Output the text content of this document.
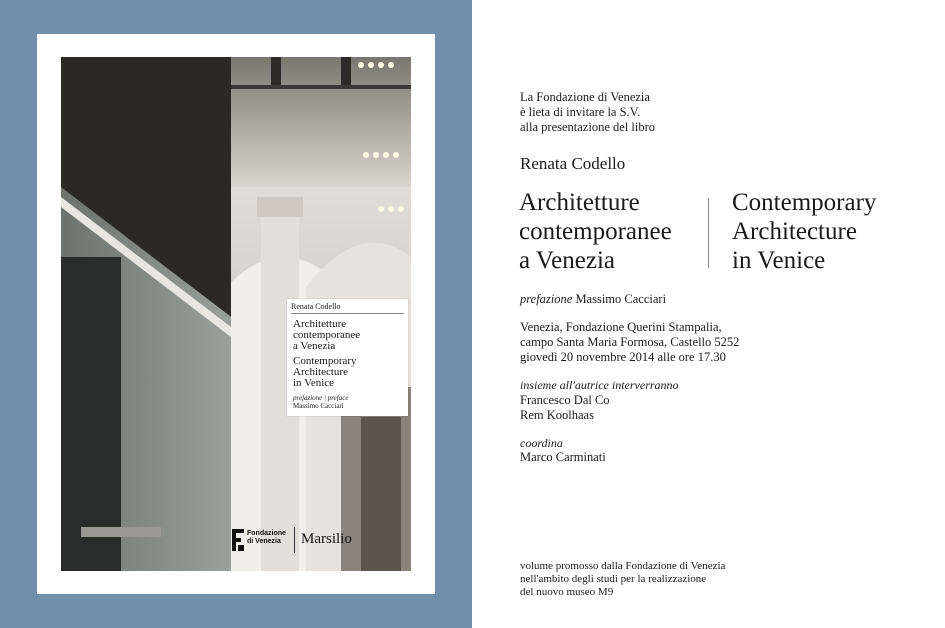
Renata Codello
Architetture
contemporanee
a Venezia
Contemporary
Architecture
in Venice
prefazione | preface
Massimo Cacciari
Fondazione
di Venezia	Marsilio
La Fondazione di Venezia
è lieta di invitare la S.V.
alla presentazione del libro
Renata Codello
Architetture
contemporanee
a Venezia
Contemporary
Architecture
in Venice
prefazione Massimo Cacciari
Venezia, Fondazione Querini Stampalia,
campo Santa Maria Formosa, Castello 5252
giovedì 20 novembre 2014 alle ore 17.30
insieme all'autrice interverranno
Francesco Dal Co
Rem Koolhaas
coordina
Marco Carminati
volume promosso dalla Fondazione di Venezia
nell'ambito degli studi per la realizzazione
del nuovo museo M9
